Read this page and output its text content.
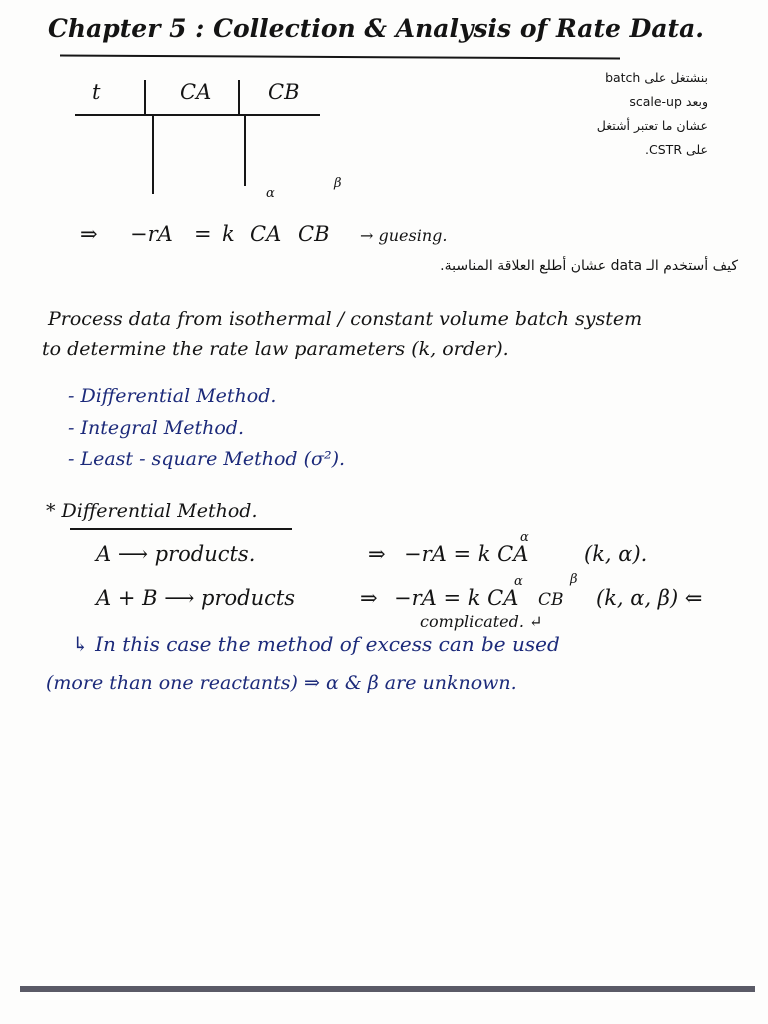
Chapter 5 : Collection & Analysis of Rate Data.
t	CA	CB
بنشتغل على batch
وبعد scale-up
عشان ما تعتبر أشتغل
على CSTR.
α
β
⇒ −rA = k CA CB → guesing.
كيف أستخدم الـ data عشان أطلع العلاقة المناسبة.
Process data from isothermal / constant volume batch system
to determine the rate law parameters (k, order).
- Differential Method.
- Integral Method.
- Least - square Method (σ²).
* Differential Method.
A ⟶ products.	⇒ −rA = k CA
α
(k, α).
A + B ⟶ products	⇒ −rA = k CA
α
CB
β
(k, α, β) ⇐
complicated. ↵
↳ In this case the method of excess can be used
(more than one reactants) ⇒ α & β are unknown.
